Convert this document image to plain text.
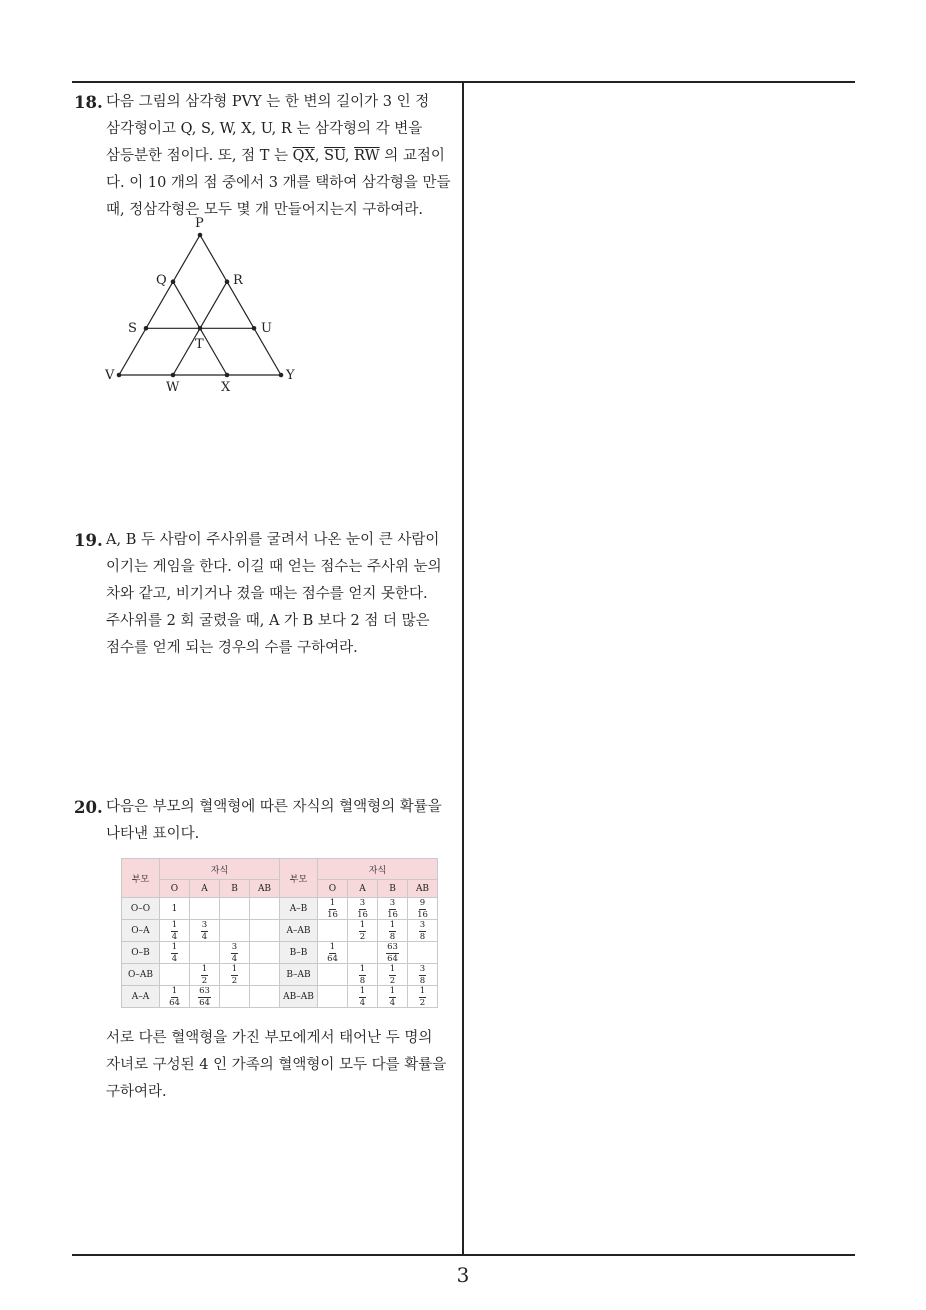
18. 다음 그림의 삼각형 PVY 는 한 변의 길이가 3 인 정
삼각형이고 Q, S, W, X, U, R 는 삼각형의 각 변을
삼등분한 점이다. 또, 점 T 는 $\overline{QX}$, $\overline{SU}$, $\overline{RW}$ 의 교점이
다. 이 10 개의 점 중에서 3 개를 택하여 삼각형을 만들
때, 정삼각형은 모두 몇 개 만들어지는지 구하여라.
P
Q	R
S
T
U
V
W	X
Y
19. A, B 두 사람이 주사위를 굴려서 나온 눈이 큰 사람이
이기는 게임을 한다. 이길 때 얻는 점수는 주사위 눈의
차와 같고, 비기거나 졌을 때는 점수를 얻지 못한다.
주사위를 2 회 굴렸을 때, A 가 B 보다 2 점 더 많은
점수를 얻게 되는 경우의 수를 구하여라.
20. 다음은 부모의 혈액형에 따른 자식의 혈액형의 확률을
나타낸 표이다.
부모	자식				부모	자식			
	O	A	B	AB		O	A	B	AB
O–O	1				A–B	$\frac{1}{16}$	$\frac{3}{16}$	$\frac{3}{16}$	$\frac{9}{16}$

O–A	$\frac{1}{4}$	$\frac{3}{4}$			A–AB		$\frac{1}{2}$	$\frac{1}{8}$	$\frac{3}{8}$

O–B	$\frac{1}{4}$		$\frac{3}{4}$		B–B	$\frac{1}{64}$		$\frac{63}{64}$

O–AB		$\frac{1}{2}$	$\frac{1}{2}$		B–AB		$\frac{1}{8}$	$\frac{1}{2}$	$\frac{3}{8}$

A–A	$\frac{1}{64}$	$\frac{63}{64}$			AB–AB		$\frac{1}{4}$	$\frac{1}{4}$	$\frac{1}{2}$
서로 다른 혈액형을 가진 부모에게서 태어난 두 명의
자녀로 구성된 4 인 가족의 혈액형이 모두 다를 확률을
구하여라.
3
